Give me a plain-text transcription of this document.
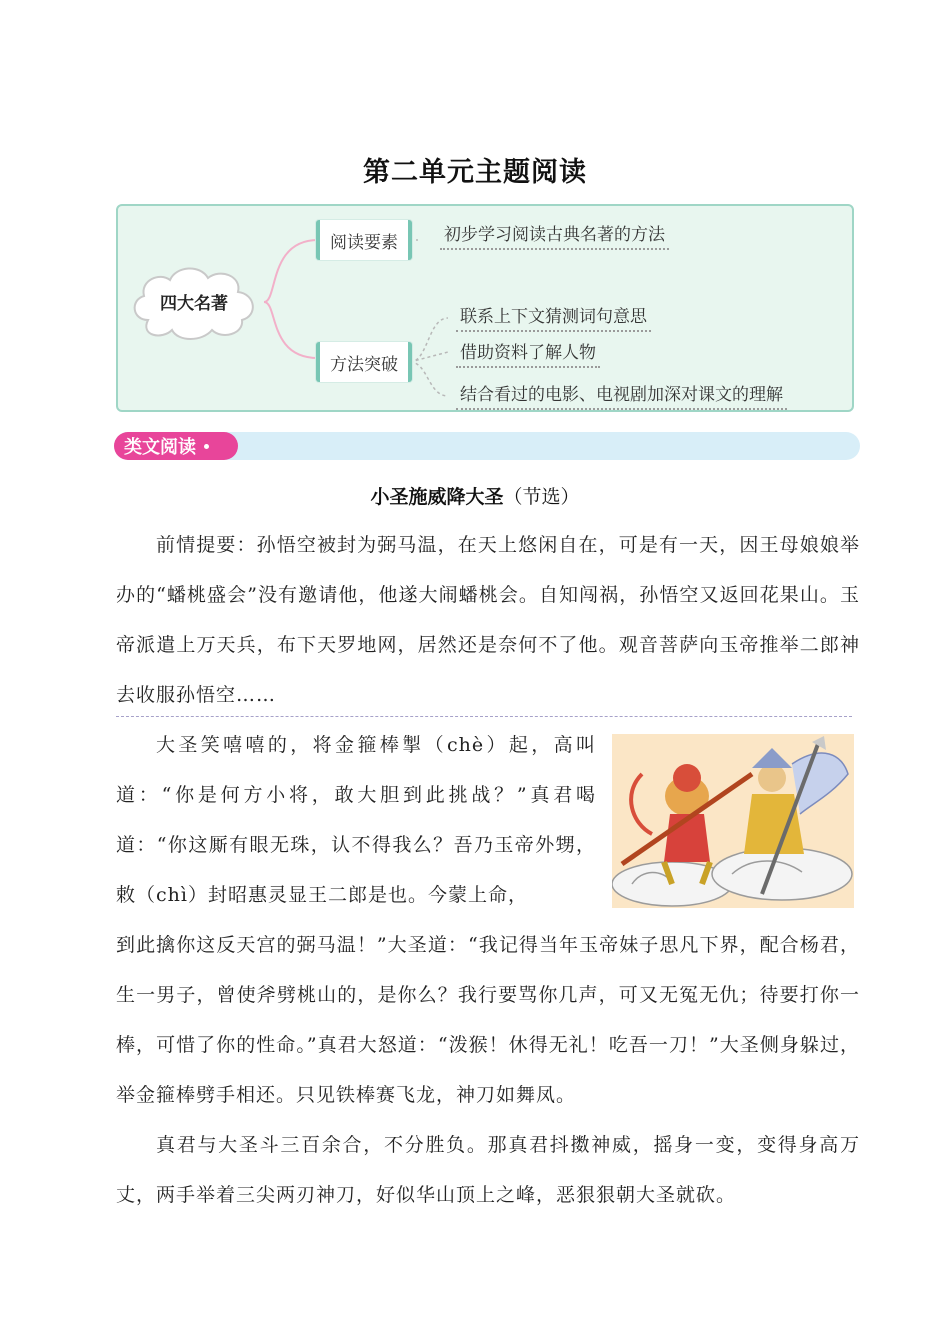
第二单元主题阅读
四大名著
阅读要素
方法突破
初步学习阅读古典名著的方法
联系上下文猜测词句意思
借助资料了解人物
结合看过的电影、电视剧加深对课文的理解
类文阅读
小圣施威降大圣（节选）
前情提要：孙悟空被封为弼马温，在天上悠闲自在，可是有一天，因王母娘娘举办的“蟠桃盛会”没有邀请他，他遂大闹蟠桃会。自知闯祸，孙悟空又返回花果山。玉帝派遣上万天兵，布下天罗地网，居然还是奈何不了他。观音菩萨向玉帝推举二郎神去收服孙悟空……
大圣笑嘻嘻的，将金箍棒掣（chè）起，高叫道：“你是何方小将，敢大胆到此挑战？”真君喝道：“你这厮有眼无珠，认不得我么？吾乃玉帝外甥，敕（chì）封昭惠灵显王二郎是也。今蒙上命，
到此擒你这反天宫的弼马温！”大圣道：“我记得当年玉帝妹子思凡下界，配合杨君，生一男子，曾使斧劈桃山的，是你么？我行要骂你几声，可又无冤无仇；待要打你一棒，可惜了你的性命。”真君大怒道：“泼猴！休得无礼！吃吾一刀！”大圣侧身躲过，举金箍棒劈手相还。只见铁棒赛飞龙，神刀如舞凤。
真君与大圣斗三百余合，不分胜负。那真君抖擞神威，摇身一变，变得身高万丈，两手举着三尖两刃神刀，好似华山顶上之峰，恶狠狠朝大圣就砍。
